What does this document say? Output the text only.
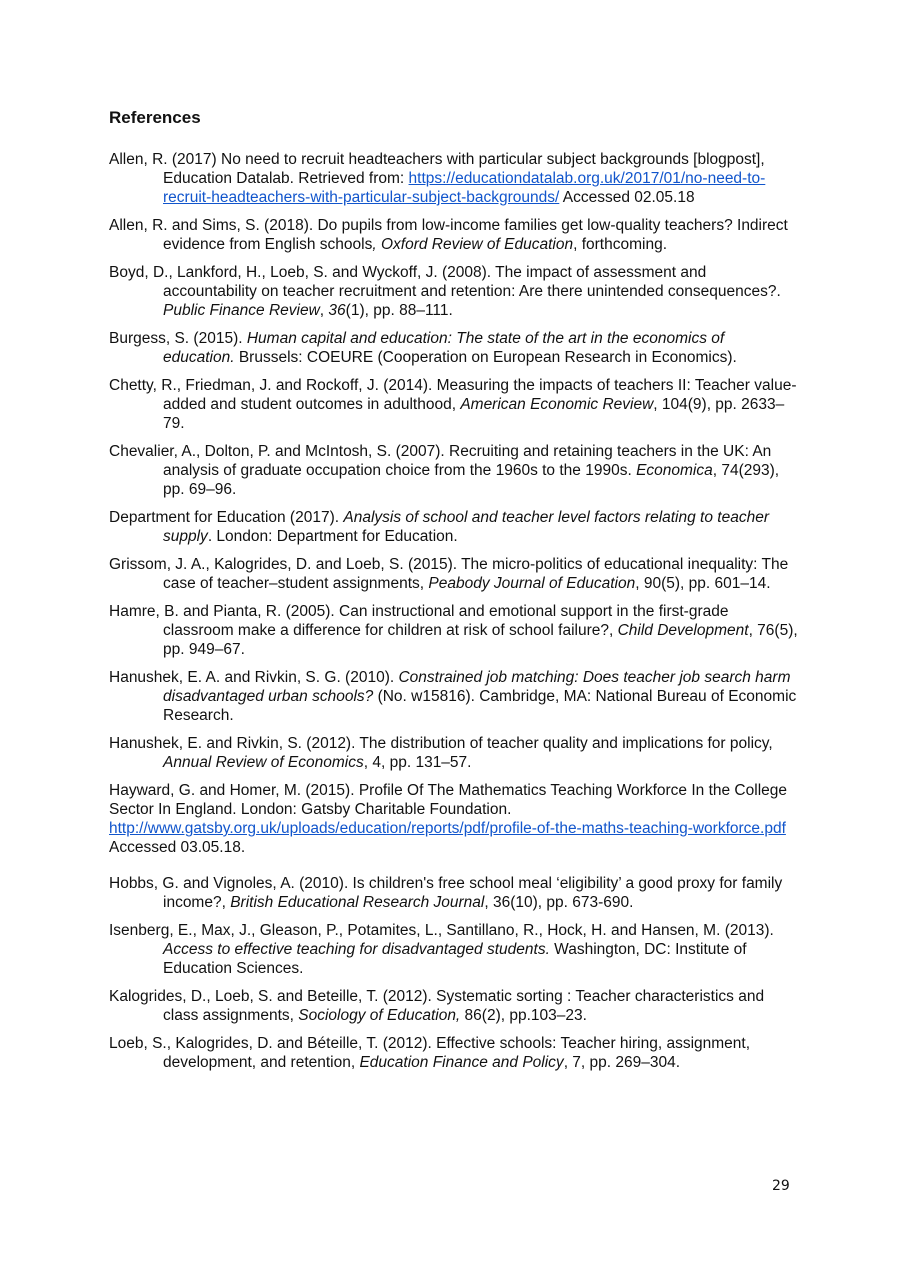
References
Allen, R. (2017) No need to recruit headteachers with particular subject backgrounds [blogpost], Education Datalab. Retrieved from: https://educationdatalab.org.uk/2017/01/no-need-to-recruit-headteachers-with-particular-subject-backgrounds/ Accessed 02.05.18
Allen, R. and Sims, S. (2018). Do pupils from low-income families get low-quality teachers? Indirect evidence from English schools, Oxford Review of Education, forthcoming.
Boyd, D., Lankford, H., Loeb, S. and Wyckoff, J. (2008). The impact of assessment and accountability on teacher recruitment and retention: Are there unintended consequences?. Public Finance Review, 36(1), pp. 88–111.
Burgess, S. (2015). Human capital and education: The state of the art in the economics of education. Brussels: COEURE (Cooperation on European Research in Economics).
Chetty, R., Friedman, J. and Rockoff, J. (2014). Measuring the impacts of teachers II: Teacher value-added and student outcomes in adulthood, American Economic Review, 104(9), pp. 2633–79.
Chevalier, A., Dolton, P. and McIntosh, S. (2007). Recruiting and retaining teachers in the UK: An analysis of graduate occupation choice from the 1960s to the 1990s. Economica, 74(293), pp. 69–96.
Department for Education (2017). Analysis of school and teacher level factors relating to teacher supply. London: Department for Education.
Grissom, J. A., Kalogrides, D. and Loeb, S. (2015). The micro-politics of educational inequality: The case of teacher–student assignments, Peabody Journal of Education, 90(5), pp. 601–14.
Hamre, B. and Pianta, R. (2005). Can instructional and emotional support in the first-grade classroom make a difference for children at risk of school failure?, Child Development, 76(5), pp. 949–67.
Hanushek, E. A. and Rivkin, S. G. (2010). Constrained job matching: Does teacher job search harm disadvantaged urban schools? (No. w15816). Cambridge, MA: National Bureau of Economic Research.
Hanushek, E. and Rivkin, S. (2012). The distribution of teacher quality and implications for policy, Annual Review of Economics, 4, pp. 131–57.
Hayward, G. and Homer, M. (2015). Profile Of The Mathematics Teaching Workforce In the College Sector In England. London: Gatsby Charitable Foundation. http://www.gatsby.org.uk/uploads/education/reports/pdf/profile-of-the-maths-teaching-workforce.pdf Accessed 03.05.18.
Hobbs, G. and Vignoles, A. (2010). Is children's free school meal ‘eligibility’ a good proxy for family income?, British Educational Research Journal, 36(10), pp. 673-690.
Isenberg, E., Max, J., Gleason, P., Potamites, L., Santillano, R., Hock, H. and Hansen, M. (2013). Access to effective teaching for disadvantaged students. Washington, DC: Institute of Education Sciences.
Kalogrides, D., Loeb, S. and Beteille, T. (2012). Systematic sorting : Teacher characteristics and class assignments, Sociology of Education, 86(2), pp.103–23.
Loeb, S., Kalogrides, D. and Béteille, T. (2012). Effective schools: Teacher hiring, assignment, development, and retention, Education Finance and Policy, 7, pp. 269–304.
29
